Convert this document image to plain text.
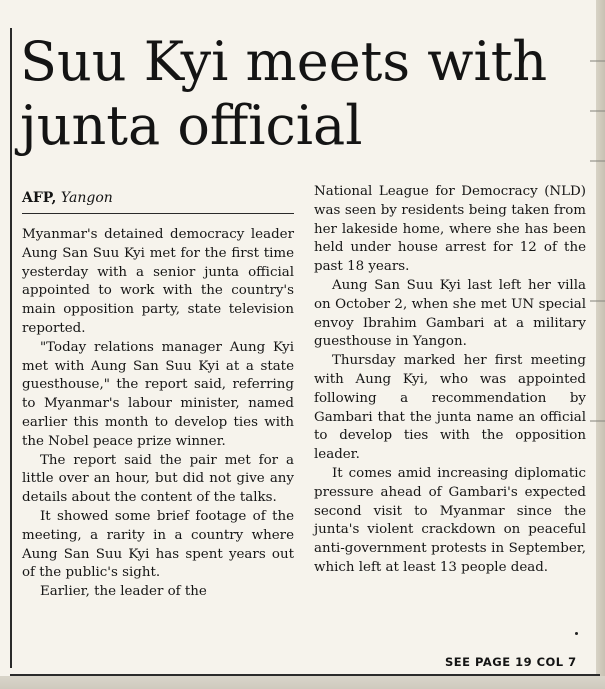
Suu Kyi meets with junta official
AFP, Yangon

Myanmar's detained democracy leader Aung San Suu Kyi met for the first time yesterday with a senior junta official appointed to work with the country's main opposition party, state television reported.

"Today relations manager Aung Kyi met with Aung San Suu Kyi at a state guesthouse," the report said, referring to Myanmar's labour minister, named earlier this month to develop ties with the Nobel peace prize winner.

The report said the pair met for a little over an hour, but did not give any details about the content of the talks.

It showed some brief footage of the meeting, a rarity in a country where Aung San Suu Kyi has spent years out of the public's sight.

Earlier, the leader of the

National League for Democracy (NLD) was seen by residents being taken from her lakeside home, where she has been held under house arrest for 12 of the past 18 years.

Aung San Suu Kyi last left her villa on October 2, when she met UN special envoy Ibrahim Gambari at a military guesthouse in Yangon.

Thursday marked her first meeting with Aung Kyi, who was appointed following a recommendation by Gambari that the junta name an official to develop ties with the opposition leader.

It comes amid increasing diplomatic pressure ahead of Gambari's expected second visit to Myanmar since the junta's violent crackdown on peaceful anti-government protests in September, which left at least 13 people dead.

SEE PAGE 19 COL 7
